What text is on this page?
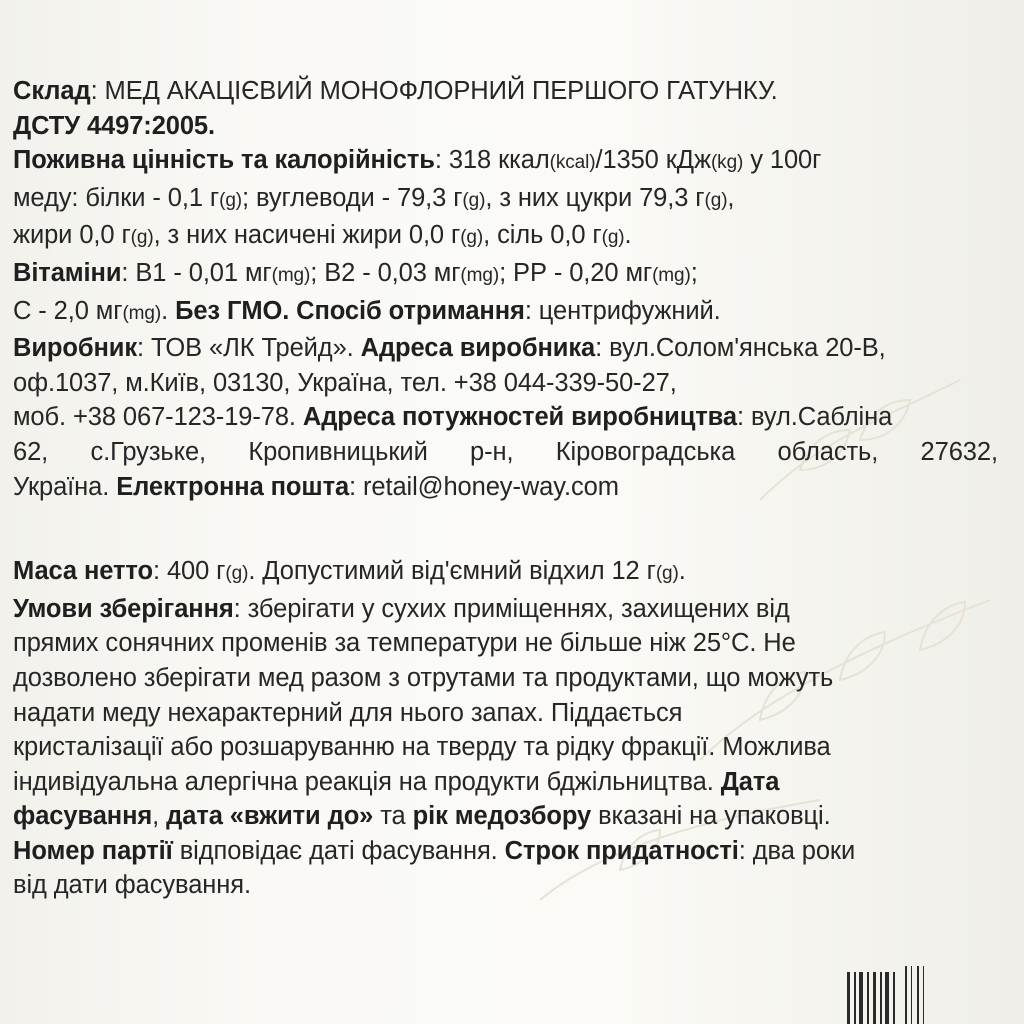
Склад: МЕД АКАЦІЄВИЙ МОНОФЛОРНИЙ ПЕРШОГО ГАТУНКУ.
ДСТУ 4497:2005.
Поживна цінність та калорійність: 318 ккал(kcal)/1350 кДж(kg) у 100г
меду: білки - 0,1 г(g); вуглеводи - 79,3 г(g), з них цукри 79,3 г(g),
жири 0,0 г(g), з них насичені жири 0,0 г(g), сіль 0,0 г(g).
Вітаміни: В1 - 0,01 мг(mg); В2 - 0,03 мг(mg); РР - 0,20 мг(mg);
С - 2,0 мг(mg). Без ГМО. Спосіб отримання: центрифужний.
Виробник: ТОВ «ЛК Трейд». Адреса виробника: вул.Солом'янська 20-В,
оф.1037, м.Київ, 03130, Україна, тел. +38 044-339-50-27,
моб. +38 067-123-19-78. Адреса потужностей виробництва: вул.Сабліна
62, с.Грузьке, Кропивницький р-н, Кіровоградська область, 27632,
Україна. Електронна пошта: retail@honey-way.com
Маса нетто: 400 г(g). Допустимий від'ємний відхил 12 г(g).
Умови зберігання: зберігати у сухих приміщеннях, захищених від
прямих сонячних променів за температури не більше ніж 25°С. Не
дозволено зберігати мед разом з отрутами та продуктами, що можуть
надати меду нехарактерний для нього запах. Піддається
кристалізації або розшаруванню на тверду та рідку фракції. Можлива
індивідуальна алергічна реакція на продукти бджільництва. Дата
фасування, дата «вжити до» та рік медозбору вказані на упаковці.
Номер партії відповідає даті фасування. Строк придатності: два роки
від дати фасування.
